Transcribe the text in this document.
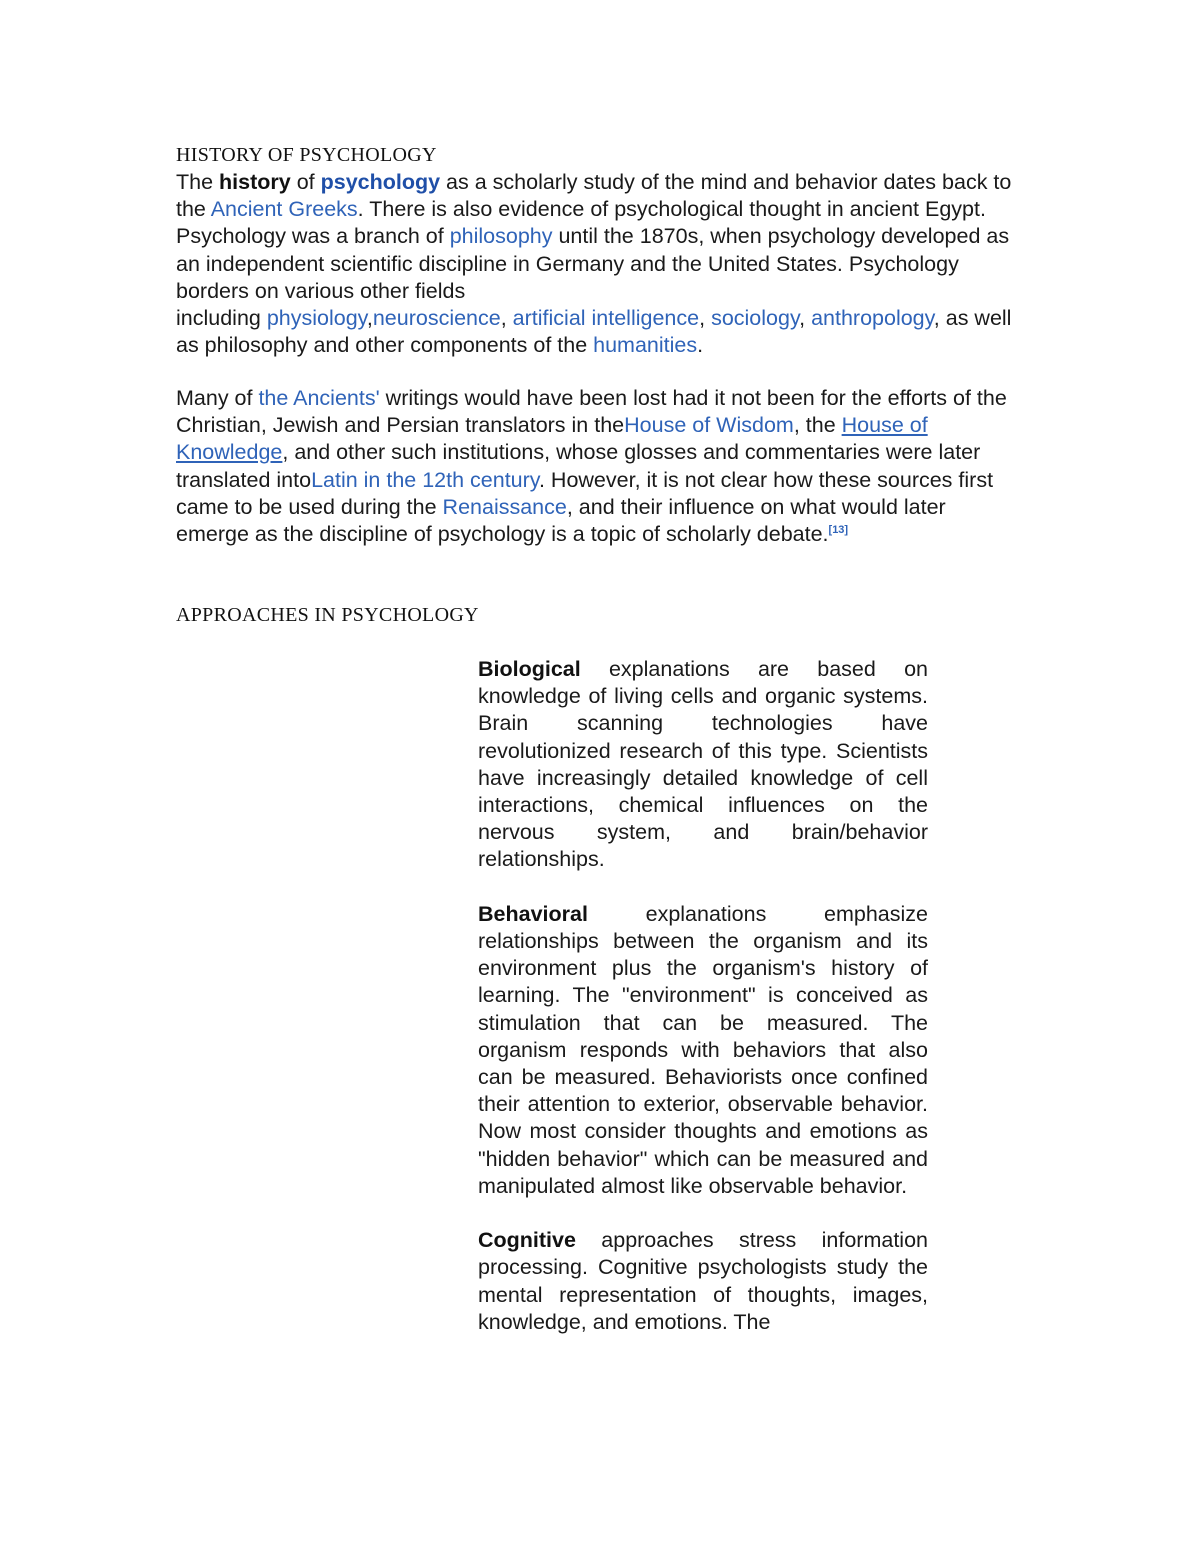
HISTORY OF PSYCHOLOGY
The history of psychology as a scholarly study of the mind and behavior dates back to the Ancient Greeks. There is also evidence of psychological thought in ancient Egypt. Psychology was a branch of philosophy until the 1870s, when psychology developed as an independent scientific discipline in Germany and the United States. Psychology borders on various other fields
including physiology,neuroscience, artificial intelligence, sociology, anthropology, as well as philosophy and other components of the humanities.
Many of the Ancients' writings would have been lost had it not been for the efforts of the Christian, Jewish and Persian translators in theHouse of Wisdom, the House of Knowledge, and other such institutions, whose glosses and commentaries were later translated intoLatin in the 12th century. However, it is not clear how these sources first came to be used during the Renaissance, and their influence on what would later emerge as the discipline of psychology is a topic of scholarly debate.[13]
APPROACHES IN PSYCHOLOGY

Biological explanations are based on knowledge of living cells and organic systems. Brain scanning technologies have revolutionized research of this type. Scientists have increasingly detailed knowledge of cell interactions, chemical influences on the nervous system, and brain/behavior relationships.

Behavioral explanations emphasize relationships between the organism and its environment plus the organism's history of learning. The "environment" is conceived as stimulation that can be measured. The organism responds with behaviors that also can be measured. Behaviorists once confined their attention to exterior, observable behavior. Now most consider thoughts and emotions as "hidden behavior" which can be measured and manipulated almost like observable behavior.

Cognitive approaches stress information processing. Cognitive psychologists study the mental representation of thoughts, images, knowledge, and emotions. The
